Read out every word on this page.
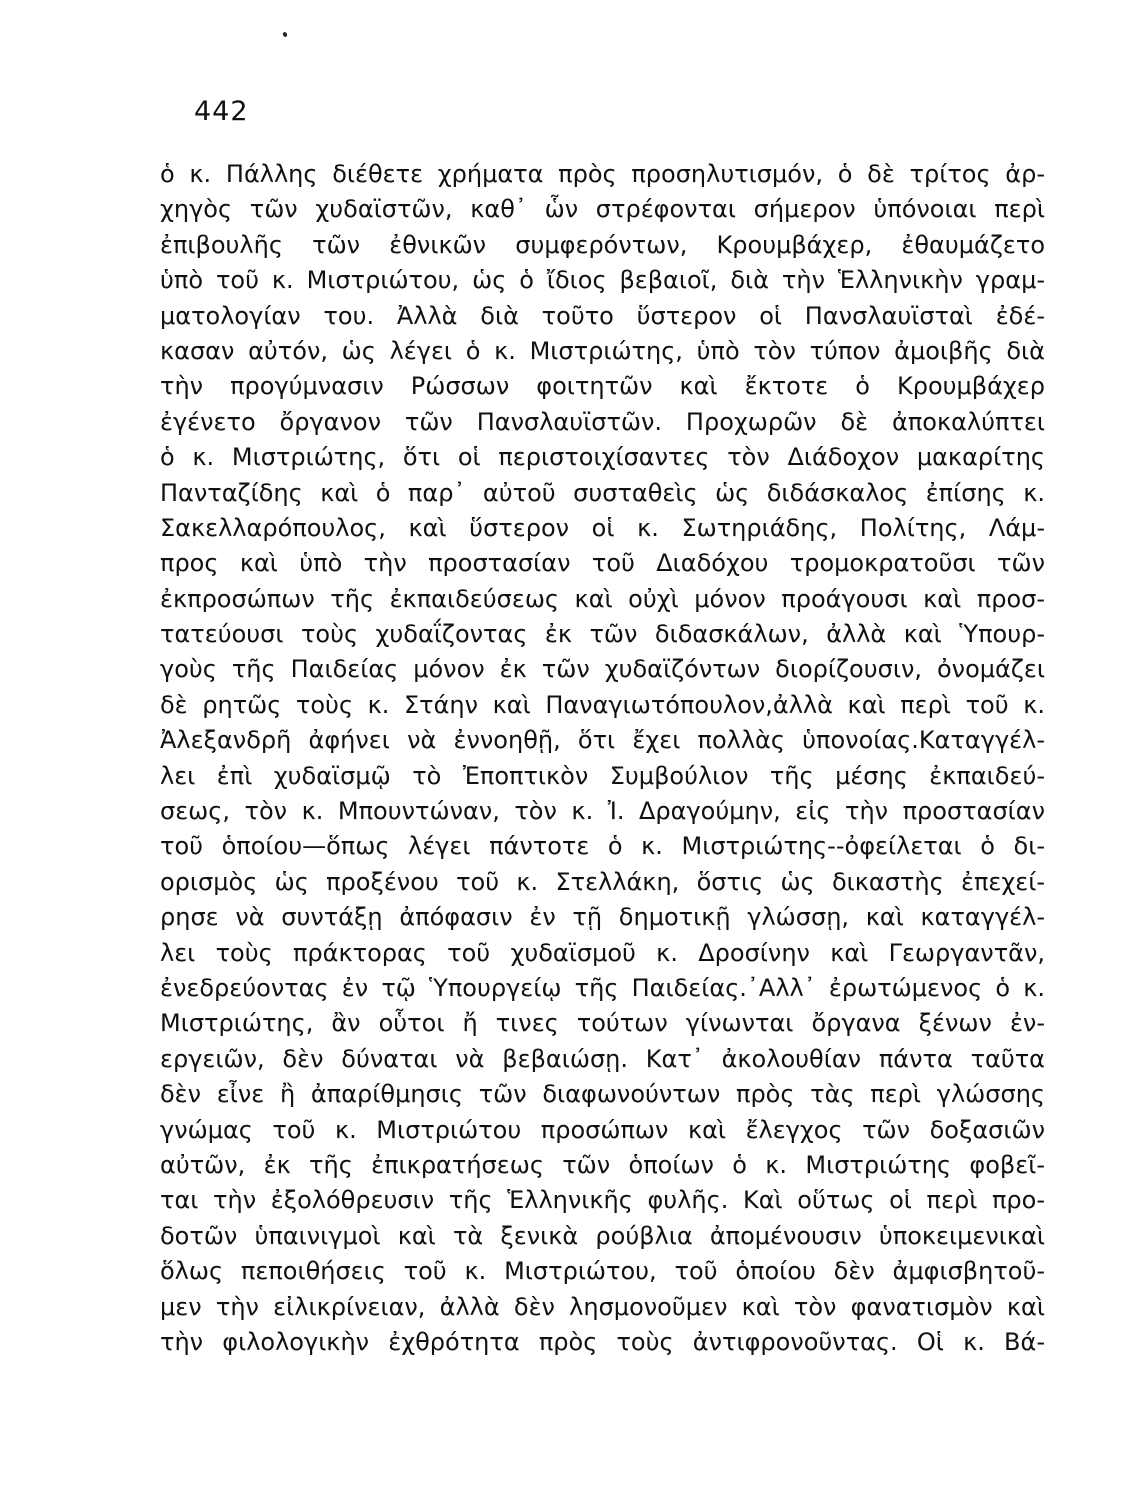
442
ὁ κ. Πάλλης διέθετε χρήματα πρὸς προσηλυτισμόν, ὁ δὲ τρίτος ἀρ-
χηγὸς τῶν χυδαϊστῶν, καθ᾽ ὧν στρέφονται σήμερον ὑπόνοιαι περὶ
ἐπιβουλῆς τῶν ἐθνικῶν συμφερόντων, Κρουμβάχερ, ἐθαυμάζετο
ὑπὸ τοῦ κ. Μιστριώτου, ὡς ὁ ἴδιος βεβαιοῖ, διὰ τὴν Ἑλληνικὴν γραμ-
ματολογίαν του. Ἀλλὰ διὰ τοῦτο ὕστερον οἱ Πανσλαυϊσταὶ ἐδέ-
κασαν αὐτόν, ὡς λέγει ὁ κ. Μιστριώτης, ὑπὸ τὸν τύπον ἀμοιβῆς διὰ
τὴν προγύμνασιν Ρώσσων φοιτητῶν καὶ ἔκτοτε ὁ Κρουμβάχερ
ἐγένετο ὄργανον τῶν Πανσλαυϊστῶν. Προχωρῶν δὲ ἀποκαλύπτει
ὁ κ. Μιστριώτης, ὅτι οἱ περιστοιχίσαντες τὸν Διάδοχον μακαρίτης
Πανταζίδης καὶ ὁ παρ᾽ αὐτοῦ συσταθεὶς ὡς διδάσκαλος ἐπίσης κ.
Σακελλαρόπουλος, καὶ ὕστερον οἱ κ. Σωτηριάδης, Πολίτης, Λάμ-
προς καὶ ὑπὸ τὴν προστασίαν τοῦ Διαδόχου τρομοκρατοῦσι τῶν
ἐκπροσώπων τῆς ἐκπαιδεύσεως καὶ οὐχὶ μόνον προάγουσι καὶ προσ-
τατεύουσι τοὺς χυδαΐζοντας ἐκ τῶν διδασκάλων, ἀλλὰ καὶ Ὑπουρ-
γοὺς τῆς Παιδείας μόνον ἐκ τῶν χυδαϊζόντων διορίζουσιν, ὀνομάζει
δὲ ρητῶς τοὺς κ. Στάην καὶ Παναγιωτόπουλον,ἀλλὰ καὶ περὶ τοῦ κ.
Ἀλεξανδρῆ ἀφήνει νὰ ἐννοηθῇ, ὅτι ἔχει πολλὰς ὑπονοίας.Καταγγέλ-
λει ἐπὶ χυδαϊσμῷ τὸ Ἐποπτικὸν Συμβούλιον τῆς μέσης ἐκπαιδεύ-
σεως, τὸν κ. Μπουντώναν, τὸν κ. Ἰ. Δραγούμην, εἰς τὴν προστασίαν
τοῦ ὁποίου—ὅπως λέγει πάντοτε ὁ κ. Μιστριώτης--ὀφείλεται ὁ δι-
ορισμὸς ὡς προξένου τοῦ κ. Στελλάκη, ὅστις ὡς δικαστὴς ἐπεχεί-
ρησε νὰ συντάξῃ ἀπόφασιν ἐν τῇ δημοτικῇ γλώσσῃ, καὶ καταγγέλ-
λει τοὺς πράκτορας τοῦ χυδαϊσμοῦ κ. Δροσίνην καὶ Γεωργαντᾶν,
ἐνεδρεύοντας ἐν τῷ Ὑπουργείῳ τῆς Παιδείας.᾿Αλλ᾽ ἐρωτώμενος ὁ κ.
Μιστριώτης, ἂν οὗτοι ἤ τινες τούτων γίνωνται ὄργανα ξένων ἐν-
εργειῶν, δὲν δύναται νὰ βεβαιώσῃ. Κατ᾽ ἀκολουθίαν πάντα ταῦτα
δὲν εἶνε ἢ ἀπαρίθμησις τῶν διαφωνούντων πρὸς τὰς περὶ γλώσσης
γνώμας τοῦ κ. Μιστριώτου προσώπων καὶ ἔλεγχος τῶν δοξασιῶν
αὐτῶν, ἐκ τῆς ἐπικρατήσεως τῶν ὁποίων ὁ κ. Μιστριώτης φοβεῖ-
ται τὴν ἐξολόθρευσιν τῆς Ἑλληνικῆς φυλῆς. Καὶ οὕτως οἱ περὶ προ-
δοτῶν ὑπαινιγμοὶ καὶ τὰ ξενικὰ ρούβλια ἀπομένουσιν ὑποκειμενικαὶ
ὅλως πεποιθήσεις τοῦ κ. Μιστριώτου, τοῦ ὁποίου δὲν ἀμφισβητοῦ-
μεν τὴν εἰλικρίνειαν, ἀλλὰ δὲν λησμονοῦμεν καὶ τὸν φανατισμὸν καὶ
τὴν φιλολογικὴν ἐχθρότητα πρὸς τοὺς ἀντιφρονοῦντας. Οἱ κ. Βά-
